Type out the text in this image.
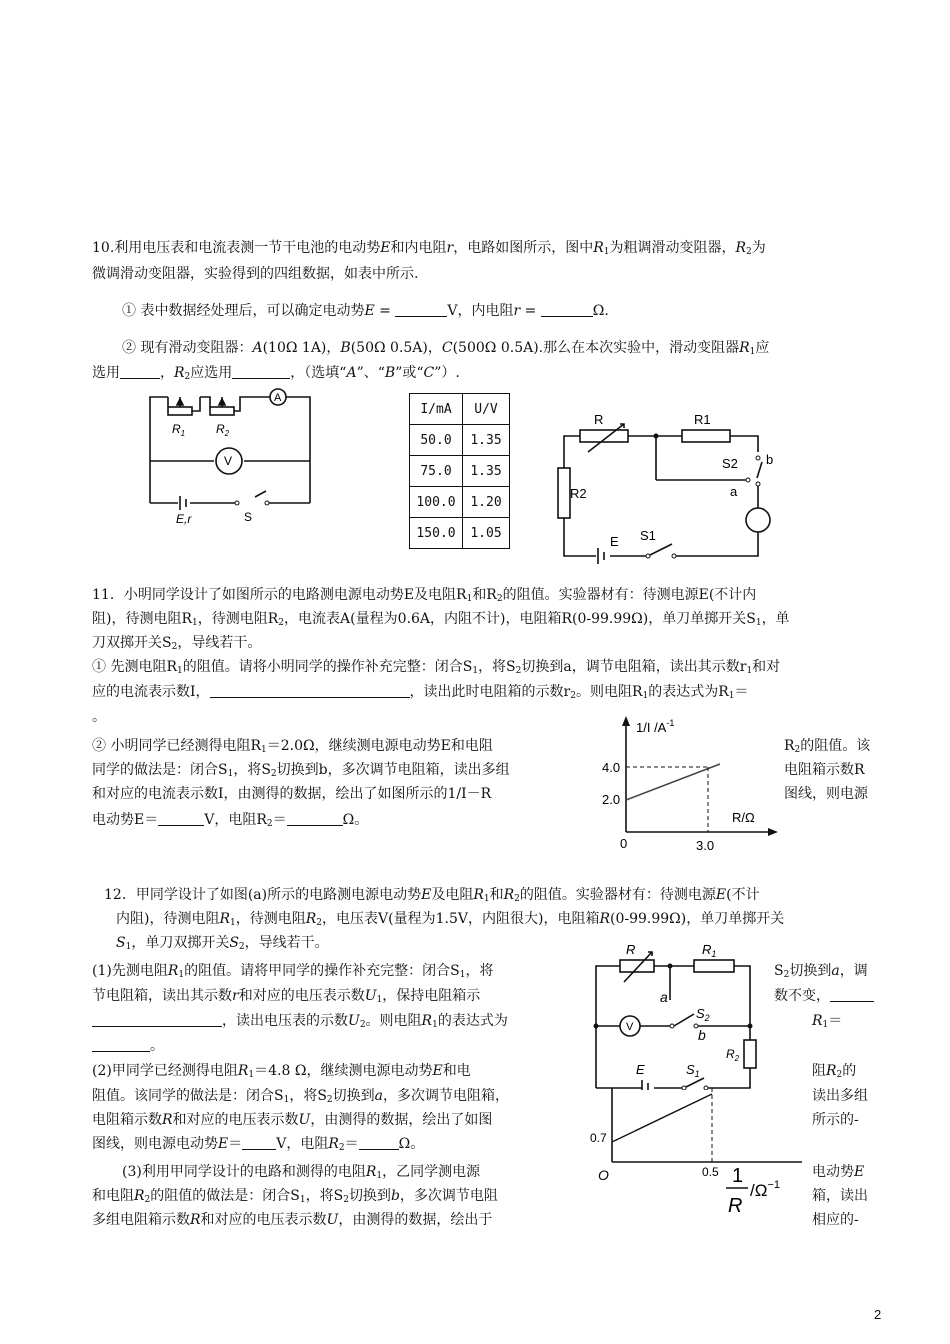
10.利用电压表和电流表测一节干电池的电动势E和内电阻r，电路如图所示，图中$R_1$为粗调滑动变阻器，$R_2$为
微调滑动变阻器，实验得到的四组数据，如表中所示.
① 表中数据经处理后，可以确定电动势E =	V，内电阻r =	Ω.
② 现有滑动变阻器：A(10Ω 1A)，B(50Ω 0.5A)，C(500Ω 0.5A).那么在本次实验中，滑动变阻器$R_1$应
选用	，$R_2$应选用	，（选填“A”、“B”或“C”）.
A
V
$R_1$	$R_2$
E,r	S
I/mA	U/V
50.0	1.35
75.0	1.35
100.0	1.20
150.0	1.05
R	R1
R2
S2 b
a
E S1
11．小明同学设计了如图所示的电路测电源电动势E及电阻$R_1$和$R_2$的阻值。实验器材有：待测电源E(不计内
阻)，待测电阻$R_1$，待测电阻$R_2$，电流表A(量程为0.6A，内阻不计)，电阻箱R(0-99.99Ω)，单刀单掷开关$S_1$，单
刀双掷开关$S_2$，导线若干。
① 先测电阻$R_1$的阻值。请将小明同学的操作补充完整：闭合$S_1$，将$S_2$切换到a，调节电阻箱，读出其示数$r_1$和对
应的电流表示数I，	，读出此时电阻箱的示数$r_2$。则电阻$R_1$的表达式为$R_1=$
。
② 小明同学已经测得电阻$R_1=2.0\Omega$，继续测电源电动势E和电阻	$R_2$的阻值。该
同学的做法是：闭合$S_1$，将$S_2$切换到b，多次调节电阻箱，读出多组	电阻箱示数R
和对应的电流表示数I，由测得的数据，绘出了如图所示的1/I－R	图线，则电源
电动势E＝	V，电阻$R_2=$	Ω。
1/I $/A^{-1}$
4.0
2.0
R/Ω
0	3.0
12．甲同学设计了如图(a)所示的电路测电源电动势E及电阻$R_1$和$R_2$的阻值。实验器材有：待测电源E(不计
内阻)，待测电阻$R_1$，待测电阻$R_2$，电压表V(量程为1.5V，内阻很大)，电阻箱R(0-99.99Ω)，单刀单掷开关
$S_1$，单刀双掷开关$S_2$，导线若干。
(1)先测电阻$R_1$的阻值。请将甲同学的操作补充完整：闭合$S_1$，将	$S_2$切换到a，调
节电阻箱，读出其示数r和对应的电压表示数$U_1$，保持电阻箱示	数不变，
，读出电压表的示数$U_2$。则电阻$R_1$的表达式为	$R_1=$
。
(2)甲同学已经测得电阻$R_1=4.8$ Ω，继续测电源电动势E和电	阻$R_2$的
阻值。该同学的做法是：闭合$S_1$，将$S_2$切换到a，多次调节电阻箱，	读出多组
电阻箱示数R和对应的电压表示数U，由测得的数据，绘出了如图	所示的-
图线，则电源电动势E＝ V，电阻$R_2=$	Ω。
(3)利用甲同学设计的电路和测得的电阻$R_1$，乙同学测电源	电动势E
和电阻$R_2$的阻值的做法是：闭合$S_1$，将$S_2$切换到b，多次调节电阻	箱，读出
多组电阻箱示数R和对应的电压表示数U，由测得的数据，绘出于	相应的-
V
R	$R_1$
a
$S_2$
b
$R_2$
E	$S_1$
0.7
O	0.5 1
R
$/\Omega^{-1}$
2
